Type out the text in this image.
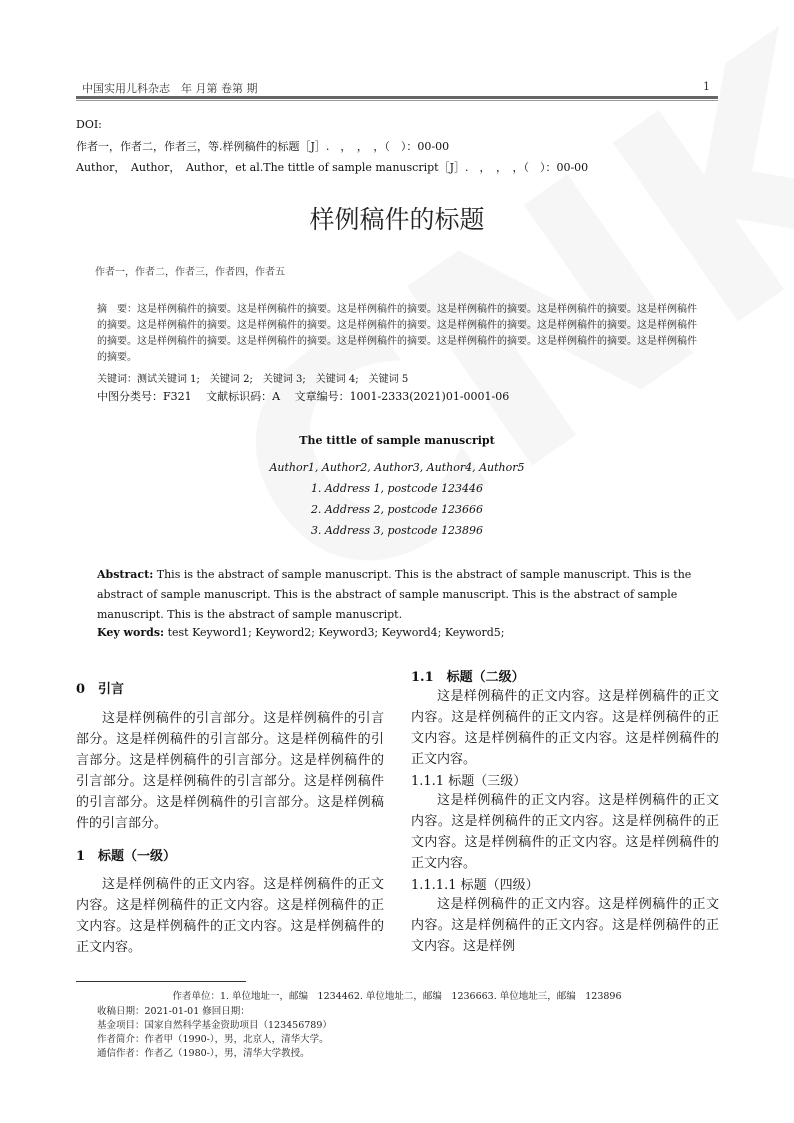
中国实用儿科杂志　年 月第 卷第 期	1
DOI:
作者一，作者二，作者三，等.样例稿件的标题［J］.　，　，　，（　）：00-00
Author，　Author，　Author，et al.The tittle of sample manuscript［J］.　，　，　，（　）：00-00
样例稿件的标题
作者一，作者二，作者三，作者四，作者五
摘　要：这是样例稿件的摘要。这是样例稿件的摘要。这是样例稿件的摘要。这是样例稿件的摘要。这是样例稿件的摘要。这是样例稿件的摘要。这是样例稿件的摘要。这是样例稿件的摘要。这是样例稿件的摘要。这是样例稿件的摘要。这是样例稿件的摘要。这是样例稿件的摘要。这是样例稿件的摘要。这是样例稿件的摘要。这是样例稿件的摘要。这是样例稿件的摘要。这是样例稿件的摘要。这是样例稿件的摘要。
关键词：测试关键词 1;　关键词 2;　关键词 3;　关键词 4;　关键词 5
中图分类号：F321　 文献标识码：A　 文章编号：1001-2333(2021)01-0001-06
The tittle of sample manuscript
Author1, Author2, Author3, Author4, Author5
1. Address 1, postcode 123446
2. Address 2, postcode 123666
3. Address 3, postcode 123896
Abstract: This is the abstract of sample manuscript. This is the abstract of sample manuscript. This is the abstract of sample manuscript. This is the abstract of sample manuscript. This is the abstract of sample manuscript. This is the abstract of sample manuscript.
Key words: test Keyword1; Keyword2; Keyword3; Keyword4; Keyword5;
0　引言
这是样例稿件的引言部分。这是样例稿件的引言部分。这是样例稿件的引言部分。这是样例稿件的引言部分。这是样例稿件的引言部分。这是样例稿件的引言部分。这是样例稿件的引言部分。这是样例稿件的引言部分。这是样例稿件的引言部分。这是样例稿件的引言部分。
1　标题（一级）
这是样例稿件的正文内容。这是样例稿件的正文内容。这是样例稿件的正文内容。这是样例稿件的正文内容。这是样例稿件的正文内容。这是样例稿件的正文内容。
1.1　标题（二级）
这是样例稿件的正文内容。这是样例稿件的正文内容。这是样例稿件的正文内容。这是样例稿件的正文内容。这是样例稿件的正文内容。这是样例稿件的正文内容。
1.1.1 标题（三级）
这是样例稿件的正文内容。这是样例稿件的正文内容。这是样例稿件的正文内容。这是样例稿件的正文内容。这是样例稿件的正文内容。这是样例稿件的正文内容。
1.1.1.1 标题（四级）
这是样例稿件的正文内容。这是样例稿件的正文内容。这是样例稿件的正文内容。这是样例稿件的正文内容。这是样例
作者单位：1. 单位地址一，邮编　1234462. 单位地址二，邮编　1236663. 单位地址三，邮编　123896
收稿日期：2021-01-01 修回日期：
基金项目：国家自然科学基金资助项目（123456789）
作者简介：作者甲（1990-），男，北京人，清华大学。
通信作者：作者乙（1980-），男，清华大学教授。
